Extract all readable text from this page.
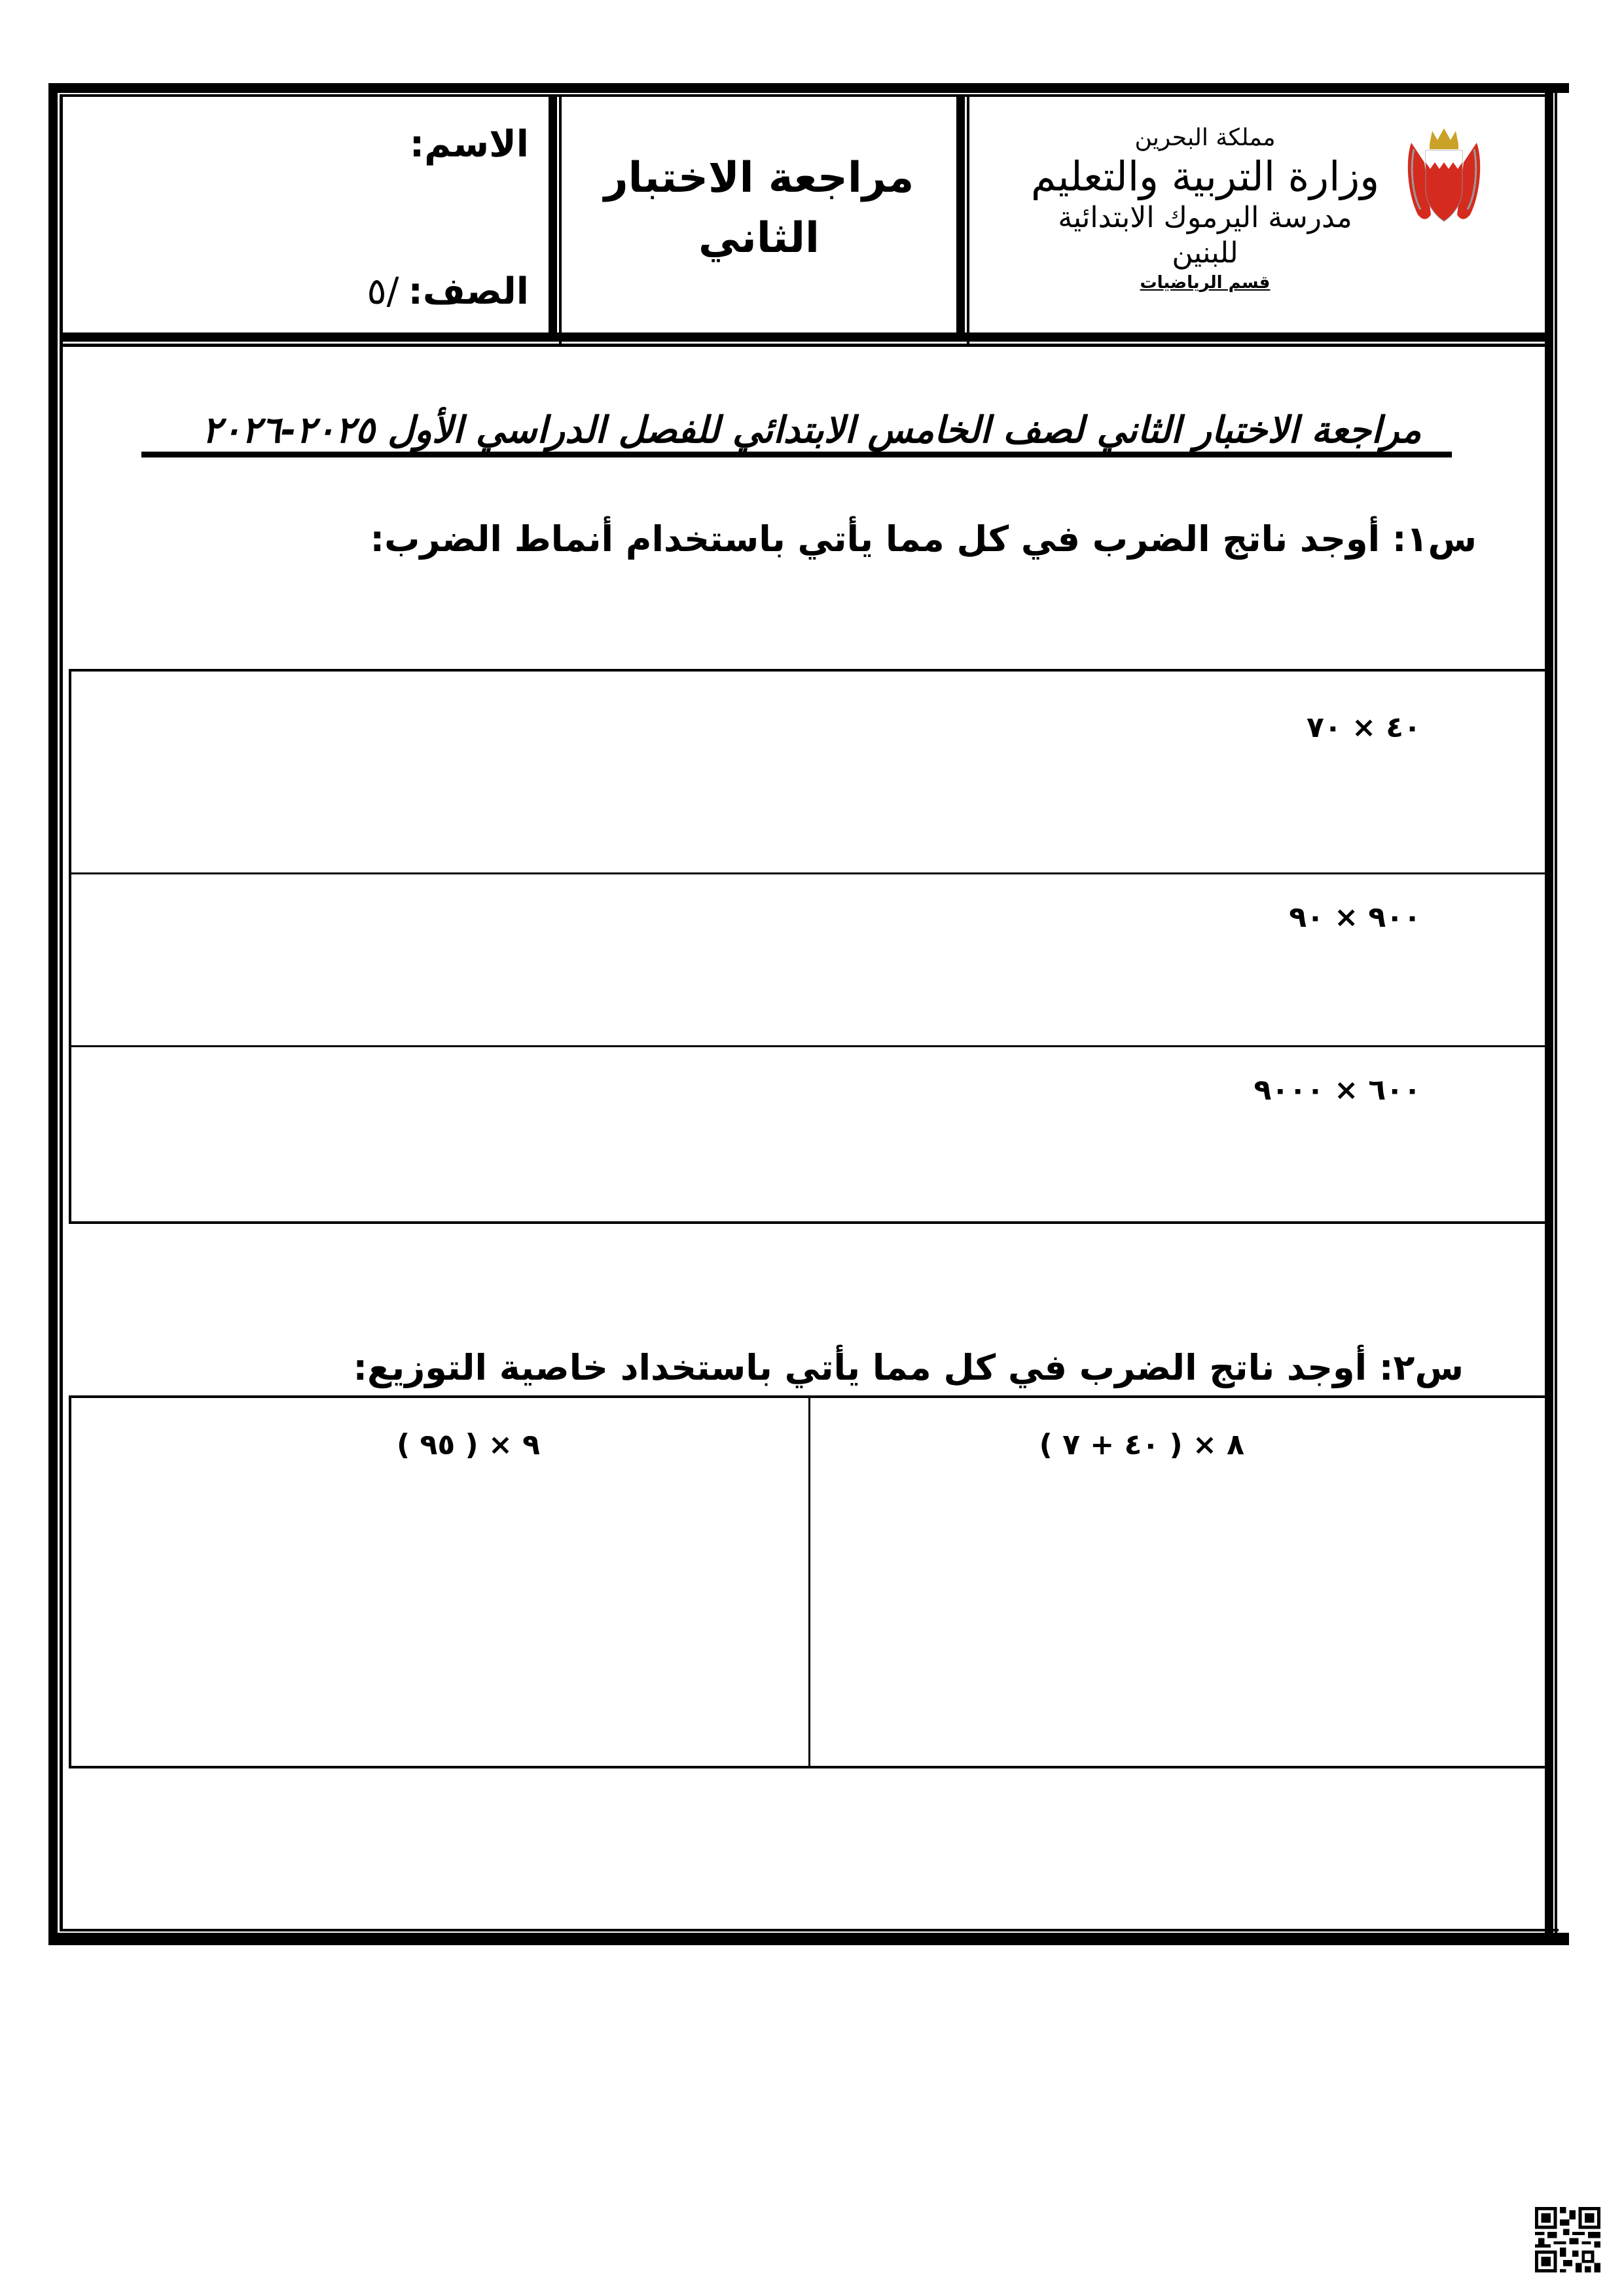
الاسم:
الصف:
٥/
مراجعة الاختبار
الثاني
مملكة البحرين
وزارة التربية والتعليم
مدرسة اليرموك الابتدائية للبنين
قسم الرياضيات
مراجعة الاختبار الثاني لصف الخامس الابتدائي للفصل الدراسي الأول ٢٠٢٥-٢٠٢٦
س١: أوجد ناتج الضرب في كل مما يأتي باستخدام أنماط الضرب:
٤٠ × ٧٠
٩٠٠ × ٩٠
٦٠٠ × ٩٠٠٠
س٢: أوجد ناتج الضرب في كل مما يأتي باستخداد خاصية التوزيع:
٨ × ( ٤٠ + ٧ )
٩ × ( ٩٥ )
